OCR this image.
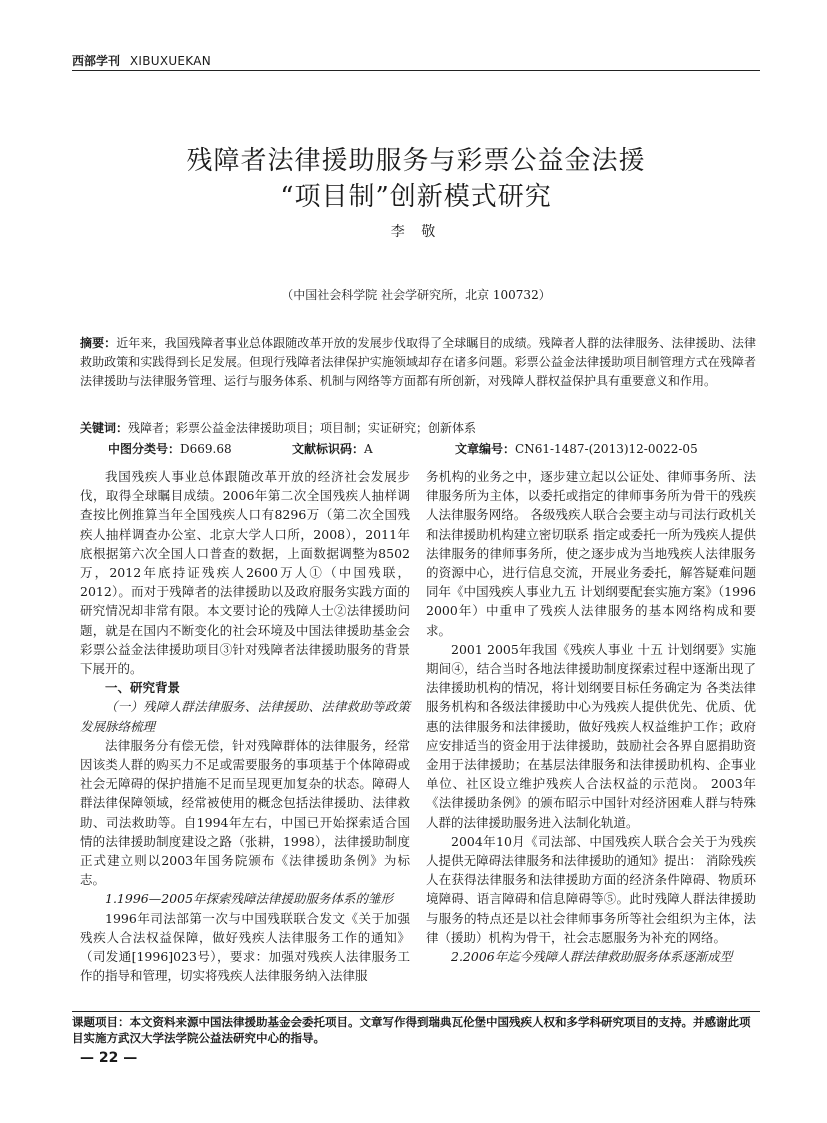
西部学刊 XIBUXUEKAN
残障者法律援助服务与彩票公益金法援
“项目制”创新模式研究
李 敬
（中国社会科学院 社会学研究所，北京 100732）
摘要：近年来，我国残障者事业总体跟随改革开放的发展步伐取得了全球瞩目的成绩。残障者人群的法律服务、法律援助、法律救助政策和实践得到长足发展。但现行残障者法律保护实施领域却存在诸多问题。彩票公益金法律援助项目制管理方式在残障者法律援助与法律服务管理、运行与服务体系、机制与网络等方面都有所创新，对残障人群权益保护具有重要意义和作用。
关键词：残障者；彩票公益金法律援助项目；项目制；实证研究；创新体系
中图分类号：D669.68	文献标识码：A	文章编号：CN61-1487-(2013)12-0022-05

我国残疾人事业总体跟随改革开放的经济社会发展步伐，取得全球瞩目成绩。2006年第二次全国残疾人抽样调查按比例推算当年全国残疾人口有8296万（第二次全国残疾人抽样调查办公室、北京大学人口所，2008），2011年底根据第六次全国人口普查的数据，上面数据调整为8502万，2012年底持证残疾人2600万人①（中国残联，2012）。而对于残障者的法律援助以及政府服务实践方面的研究情况却非常有限。本文要讨论的残障人士②法律援助问题，就是在国内不断变化的社会环境及中国法律援助基金会彩票公益金法律援助项目③针对残障者法律援助服务的背景下展开的。

一、研究背景
（一）残障人群法律服务、法律援助、法律救助等政策发展脉络梳理

法律服务分有偿无偿，针对残障群体的法律服务，经常因该类人群的购买力不足或需要服务的事项基于个体障碍或社会无障碍的保护措施不足而呈现更加复杂的状态。障碍人群法律保障领域，经常被使用的概念包括法律援助、法律救助、司法救助等。自1994年左右，中国已开始探索适合国情的法律援助制度建设之路（张耕，1998），法律援助制度正式建立则以2003年国务院颁布《法律援助条例》为标志。

1.1996—2005年探索残障法律援助服务体系的雏形

1996年司法部第一次与中国残联联合发文《关于加强残疾人合法权益保障，做好残疾人法律服务工作的通知》（司发通[1996]023号），要求：加强对残疾人法律服务工作的指导和管理，切实将残疾人法律服务纳入法律服

务机构的业务之中，逐步建立起以公证处、律师事务所、法律服务所为主体，以委托或指定的律师事务所为骨干的残疾人法律服务网络。 各级残疾人联合会要主动与司法行政机关和法律援助机构建立密切联系 指定或委托一所为残疾人提供法律服务的律师事务所，使之逐步成为当地残疾人法律服务的资源中心，进行信息交流，开展业务委托，解答疑难问题 同年《中国残疾人事业九五 计划纲要配套实施方案》（1996 2000年）中重申了残疾人法律服务的基本网络构成和要求。

2001 2005年我国《残疾人事业 十五 计划纲要》实施期间④，结合当时各地法律援助制度探索过程中逐渐出现了法律援助机构的情况，将计划纲要目标任务确定为 各类法律服务机构和各级法律援助中心为残疾人提供优先、优质、优惠的法律服务和法律援助，做好残疾人权益维护工作；政府应安排适当的资金用于法律援助，鼓励社会各界自愿捐助资金用于法律援助；在基层法律服务和法律援助机构、企事业单位、社区设立维护残疾人合法权益的示范岗。 2003年《法律援助条例》的颁布昭示中国针对经济困难人群与特殊人群的法律援助服务进入法制化轨道。

2004年10月《司法部、中国残疾人联合会关于为残疾人提供无障碍法律服务和法律援助的通知》提出： 消除残疾人在获得法律服务和法律援助方面的经济条件障碍、物质环境障碍、语言障碍和信息障碍等⑤。此时残障人群法律援助与服务的特点还是以社会律师事务所等社会组织为主体，法律（援助）机构为骨干，社会志愿服务为补充的网络。

2.2006年迄今残障人群法律救助服务体系逐渐成型
课题项目：本文资料来源中国法律援助基金会委托项目。文章写作得到瑞典瓦伦堡中国残疾人权和多学科研究项目的支持。并感谢此项目实施方武汉大学法学院公益法研究中心的指导。
— 22 —
